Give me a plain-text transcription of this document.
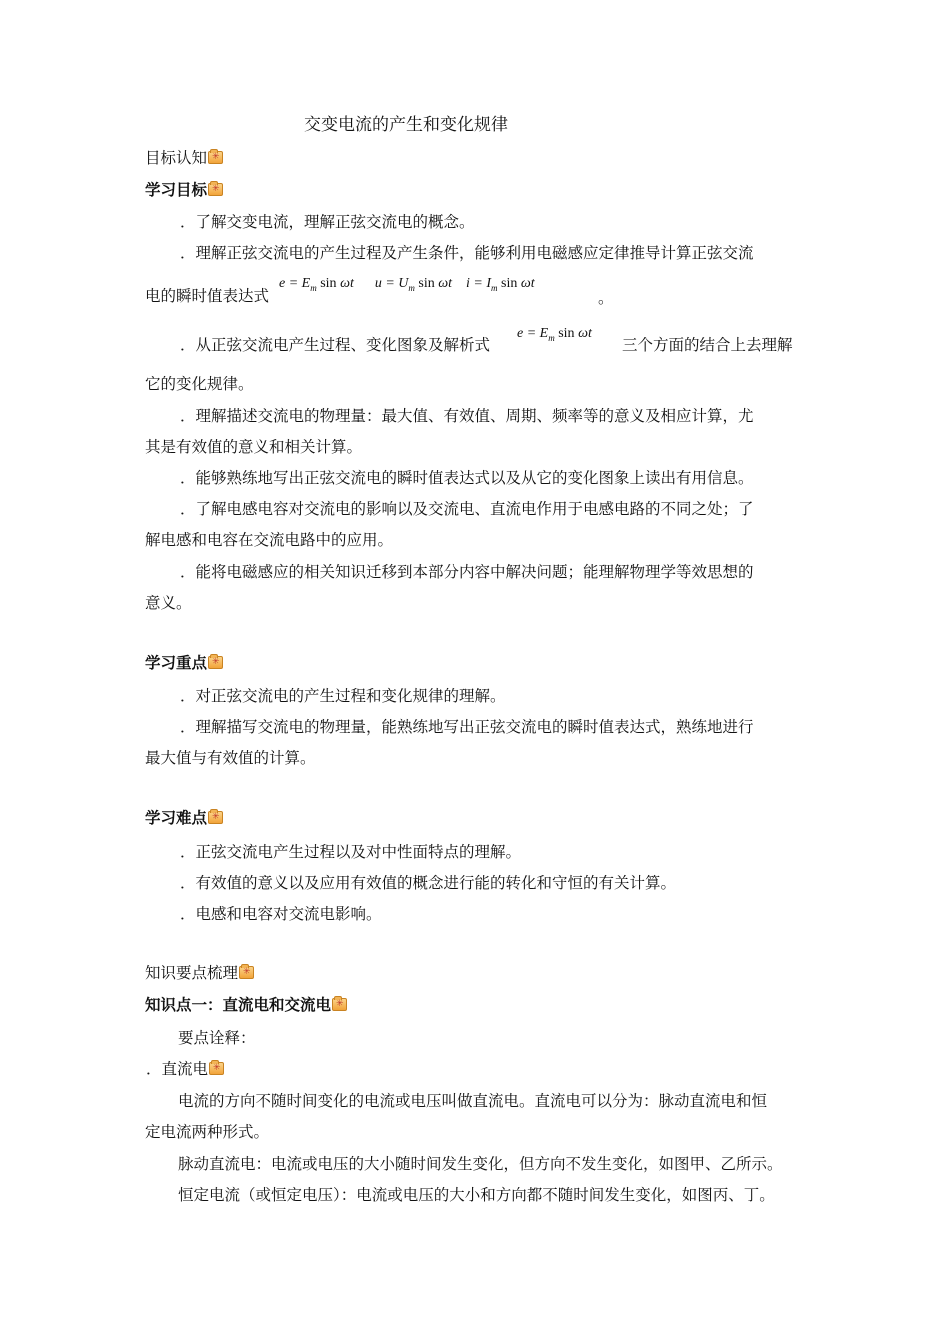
交变电流的产生和变化规律
目标认知✳
学习目标✳
．了解交变电流，理解正弦交流电的概念。
．理解正弦交流电的产生过程及产生条件，能够利用电磁感应定律推导计算正弦交流
电的瞬时值表达式
$e = E_m$ sin ωt      $u = U_m$ sin ωt    $i = I_m$ sin ωt
。
．从正弦交流电产生过程、变化图象及解析式
$e = E_m$ sin ωt
三个方面的结合上去理解
它的变化规律。
．理解描述交流电的物理量：最大值、有效值、周期、频率等的意义及相应计算，尤
其是有效值的意义和相关计算。
．能够熟练地写出正弦交流电的瞬时值表达式以及从它的变化图象上读出有用信息。
．了解电感电容对交流电的影响以及交流电、直流电作用于电感电路的不同之处；了
解电感和电容在交流电路中的应用。
．能将电磁感应的相关知识迁移到本部分内容中解决问题；能理解物理学等效思想的
意义。
学习重点✳
．对正弦交流电的产生过程和变化规律的理解。
．理解描写交流电的物理量，能熟练地写出正弦交流电的瞬时值表达式，熟练地进行
最大值与有效值的计算。
学习难点✳
．正弦交流电产生过程以及对中性面特点的理解。
．有效值的意义以及应用有效值的概念进行能的转化和守恒的有关计算。
．电感和电容对交流电影响。
知识要点梳理✳
知识点一：直流电和交流电✳
要点诠释：
．直流电✳
电流的方向不随时间变化的电流或电压叫做直流电。直流电可以分为：脉动直流电和恒
定电流两种形式。
脉动直流电：电流或电压的大小随时间发生变化，但方向不发生变化，如图甲、乙所示。
恒定电流（或恒定电压）：电流或电压的大小和方向都不随时间发生变化，如图丙、丁。
